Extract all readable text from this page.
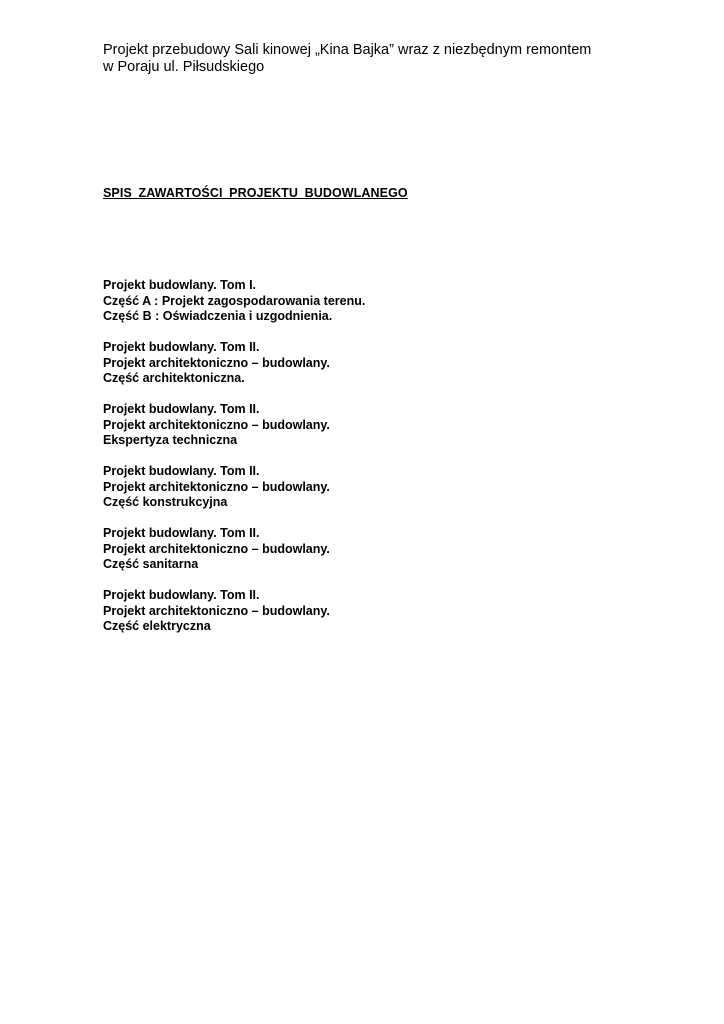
Projekt przebudowy Sali kinowej „Kina Bajka” wraz z niezbędnym remontem
w Poraju ul. Piłsudskiego
SPIS ZAWARTOŚCI PROJEKTU BUDOWLANEGO
Projekt budowlany. Tom I.
Część A : Projekt zagospodarowania terenu.
Część B : Oświadczenia i uzgodnienia.
Projekt budowlany. Tom II.
Projekt architektoniczno – budowlany.
Część architektoniczna.
Projekt budowlany. Tom II.
Projekt architektoniczno – budowlany.
Ekspertyza techniczna
Projekt budowlany. Tom II.
Projekt architektoniczno – budowlany.
Część konstrukcyjna
Projekt budowlany. Tom II.
Projekt architektoniczno – budowlany.
Część sanitarna
Projekt budowlany. Tom II.
Projekt architektoniczno – budowlany.
Część elektryczna
